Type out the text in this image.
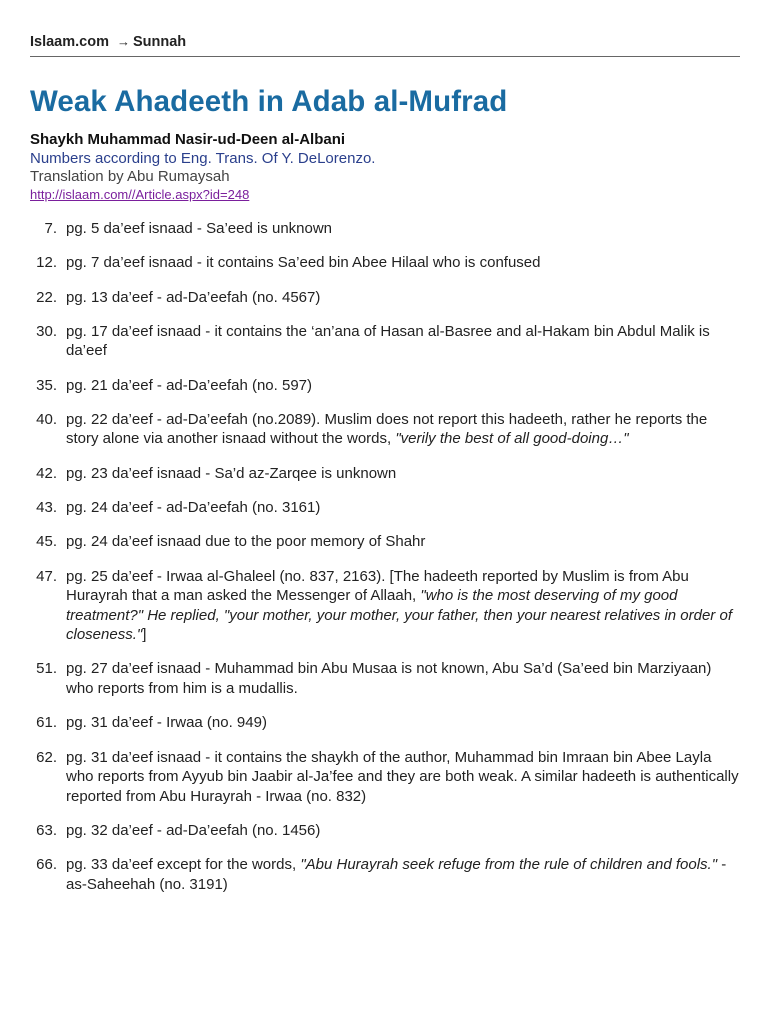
Islaam.com → Sunnah
Weak Ahadeeth in Adab al-Mufrad
Shaykh Muhammad Nasir-ud-Deen al-Albani
Numbers according to Eng. Trans. Of Y. DeLorenzo.
Translation by Abu Rumaysah
http://islaam.com//Article.aspx?id=248
7. pg. 5 da’eef isnaad - Sa’eed is unknown
12. pg. 7 da’eef isnaad - it contains Sa’eed bin Abee Hilaal who is confused
22. pg. 13 da’eef - ad-Da’eefah (no. 4567)
30. pg. 17 da’eef isnaad - it contains the ‘an’ana of Hasan al-Basree and al-Hakam bin Abdul Malik is da’eef
35. pg. 21 da’eef - ad-Da’eefah (no. 597)
40. pg. 22 da’eef - ad-Da’eefah (no.2089). Muslim does not report this hadeeth, rather he reports the story alone via another isnaad without the words, "verily the best of all good-doing…"
42. pg. 23 da’eef isnaad - Sa’d az-Zarqee is unknown
43. pg. 24 da’eef - ad-Da’eefah (no. 3161)
45. pg. 24 da’eef isnaad due to the poor memory of Shahr
47. pg. 25 da’eef - Irwaa al-Ghaleel (no. 837, 2163). [The hadeeth reported by Muslim is from Abu Hurayrah that a man asked the Messenger of Allaah, "who is the most deserving of my good treatment?" He replied, "your mother, your mother, your father, then your nearest relatives in order of closeness."]
51. pg. 27 da’eef isnaad - Muhammad bin Abu Musaa is not known, Abu Sa’d (Sa’eed bin Marziyaan) who reports from him is a mudallis.
61. pg. 31 da’eef - Irwaa (no. 949)
62. pg. 31 da’eef isnaad - it contains the shaykh of the author, Muhammad bin Imraan bin Abee Layla who reports from Ayyub bin Jaabir al-Ja’fee and they are both weak. A similar hadeeth is authentically reported from Abu Hurayrah - Irwaa (no. 832)
63. pg. 32 da’eef - ad-Da’eefah (no. 1456)
66. pg. 33 da’eef except for the words, "Abu Hurayrah seek refuge from the rule of children and fools." - as-Saheehah (no. 3191)
